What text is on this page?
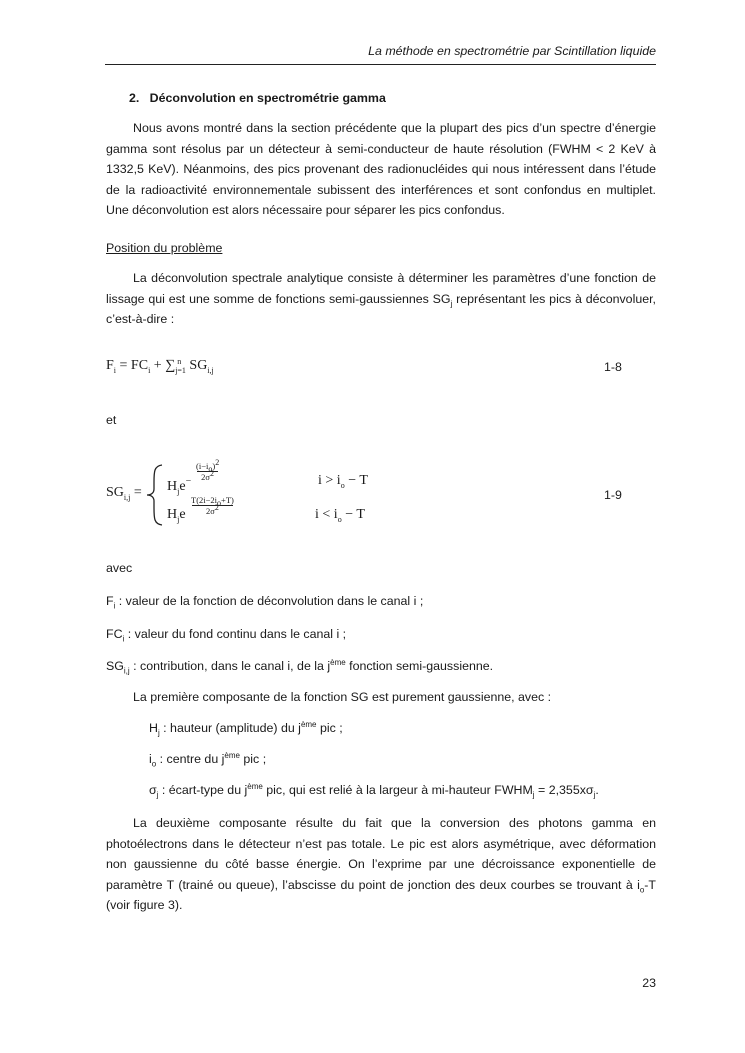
La méthode en spectrométrie par Scintillation liquide
2. Déconvolution en spectrométrie gamma
Nous avons montré dans la section précédente que la plupart des pics d’un spectre d’énergie gamma sont résolus par un détecteur à semi-conducteur de haute résolution (FWHM < 2 KeV à 1332,5 KeV). Néanmoins, des pics provenant des radionucléides qui nous intéressent dans l’étude de la radioactivité environnementale subissent des interférences et sont confondus en multiplet. Une déconvolution est alors nécessaire pour séparer les pics confondus.
Position du problème
La déconvolution spectrale analytique consiste à déterminer les paramètres d’une fonction de lissage qui est une somme de fonctions semi-gaussiennes $SG_j$ représentant les pics à déconvoluer, c’est-à-dire :
$F_i = FC_i$ + ∑ n
j=1 $SG_{i,j}$	1-8
et
$SG_{i,j} = H_je^-$
$(i-i_o)^2$
$2\sigma^2$	$i > i_o - T$
$H_je$
$T(2i-2i_o+T)$
$2\sigma^2$	$i < i_o - T$
1-9
avec
$F_i$ : valeur de la fonction de déconvolution dans le canal i ;
$FC_i$ : valeur du fond continu dans le canal i ;
$SG_{i,j}$ : contribution, dans le canal i, de la $j^{ème}$ fonction semi-gaussienne.
La première composante de la fonction SG est purement gaussienne, avec :
$H_j$ : hauteur (amplitude) du $j^{ème}$ pic ;
$i_o$ : centre du $j^{ème}$ pic ;
$\sigma_j$ : écart-type du $j^{ème}$ pic, qui est relié à la largeur à mi-hauteur $FWHM_j = 2,355x\sigma_j$.
La deuxième composante résulte du fait que la conversion des photons gamma en photoélectrons dans le détecteur n’est pas totale. Le pic est alors asymétrique, avec déformation non gaussienne du côté basse énergie. On l’exprime par une décroissance exponentielle de paramètre T (trainé ou queue), l’abscisse du point de jonction des deux courbes se trouvant à $i_o-T$ (voir figure 3).
23
